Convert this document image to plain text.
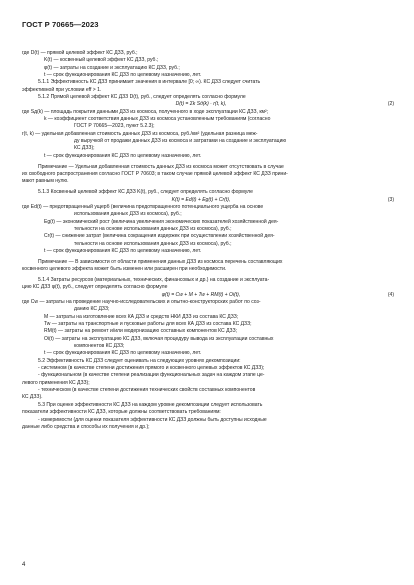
ГОСТ Р 70665—2023
где D(t) — прямой целевой эффект КС ДЗЗ, руб.;
K(t) — косвенный целевой эффект КС ДЗЗ, руб.;
φ(t) — затраты на создание и эксплуатацию КС ДЗЗ, руб.;
t — срок функционирования КС ДЗЗ по целевому назначению, лет.
5.1.1 Эффективность КС ДЗЗ принимает значения в интервале [0; ∞). КС ДЗЗ следует считать
эффективной при условии eff > 1.
5.1.2 Прямой целевой эффект КС ДЗЗ D(t), руб., следует определять согласно формуле
D(t) = Σk Sд(k) · r(t, k),	(2)
где Sд(k) — площадь покрытия данными ДЗЗ из космоса, полученного в ходе эксплуатации КС ДЗЗ, км²;
k — коэффициент соответствия данных ДЗЗ из космоса установленным требованиям (согласно
ГОСТ Р 70665—2023, пункт 5.2.3);
r(t, k) — удельная добавленная стоимость данных ДЗЗ из космоса, руб./км² (удельная разница меж-
ду выручкой от продажи данных ДЗЗ из космоса и затратами на создание и эксплуатацию
КС ДЗЗ);
t — срок функционирования КС ДЗЗ по целевому назначению, лет.
Примечание — Удельная добавленная стоимость данных ДЗЗ из космоса может отсутствовать в случае
их свободного распространения согласно ГОСТ Р 70603; в таком случае прямой целевой эффект КС ДЗЗ прини-
мают равным нулю.
5.1.3 Косвенный целевой эффект КС ДЗЗ K(t), руб., следует определять согласно формуле
K(t) = Ed(t) + Eg(t) + Cr(t),	(3)
где Ed(t) — предотвращенный ущерб (величина предотвращенного потенциального ущерба на основе
использования данных ДЗЗ из космоса), руб.;
Eg(t) — экономический рост (величина увеличения экономических показателей хозяйственной дея-
тельности на основе использования данных ДЗЗ из космоса), руб.;
Cr(t) — снижение затрат (величина сокращения издержек при осуществлении хозяйственной дея-
тельности на основе использования данных ДЗЗ из космоса), руб.;
t — срок функционирования КС ДЗЗ по целевому назначению, лет.
Примечание — В зависимости от области применения данных ДЗЗ из космоса перечень составляющих
косвенного целевого эффекта может быть изменен или расширен при необходимости.
5.1.4 Затраты ресурсов (материальных, технических, финансовых и др.) на создание и эксплуата-
цию КС ДЗЗ φ(t), руб., следует определять согласно формуле
φ(t) = Cw + M + Tw + RM(t) + Oi(t),	(4)
где Cw — затраты на проведение научно-исследовательских и опытно-конструкторских работ по соз-
данию КС ДЗЗ;
M — затраты на изготовление всех КА ДЗЗ и средств НКИ ДЗЗ из состава КС ДЗЗ;
Tw — затраты на транспортные и пусковые работы для всех КА ДЗЗ из состава КС ДЗЗ;
RM(t) — затраты на ремонт и/или модернизацию составных компонентов КС ДЗЗ;
Oi(t) — затраты на эксплуатацию КС ДЗЗ, включая процедуру вывода из эксплуатации составных
компонентов КС ДЗЗ;
t — срок функционирования КС ДЗЗ по целевому назначению, лет.
5.2 Эффективность КС ДЗЗ следует оценивать на следующих уровнях декомпозиции:
- системном (в качестве степени достижения прямого и косвенного целевых эффектов КС ДЗЗ);
- функциональном (в качестве степени реализации функциональных задач на каждом этапе це-
левого применения КС ДЗЗ);
- техническом (в качестве степени достижения технических свойств составных компонентов
КС ДЗЗ).
5.3 При оценке эффективности КС ДЗЗ на каждом уровне декомпозиции следует использовать
показатели эффективности КС ДЗЗ, которые должны соответствовать требованиям:
- измеримости (для оценки показателя эффективности КС ДЗЗ должны быть доступны исходные
данные либо средства и способы их получения и др.);
4
